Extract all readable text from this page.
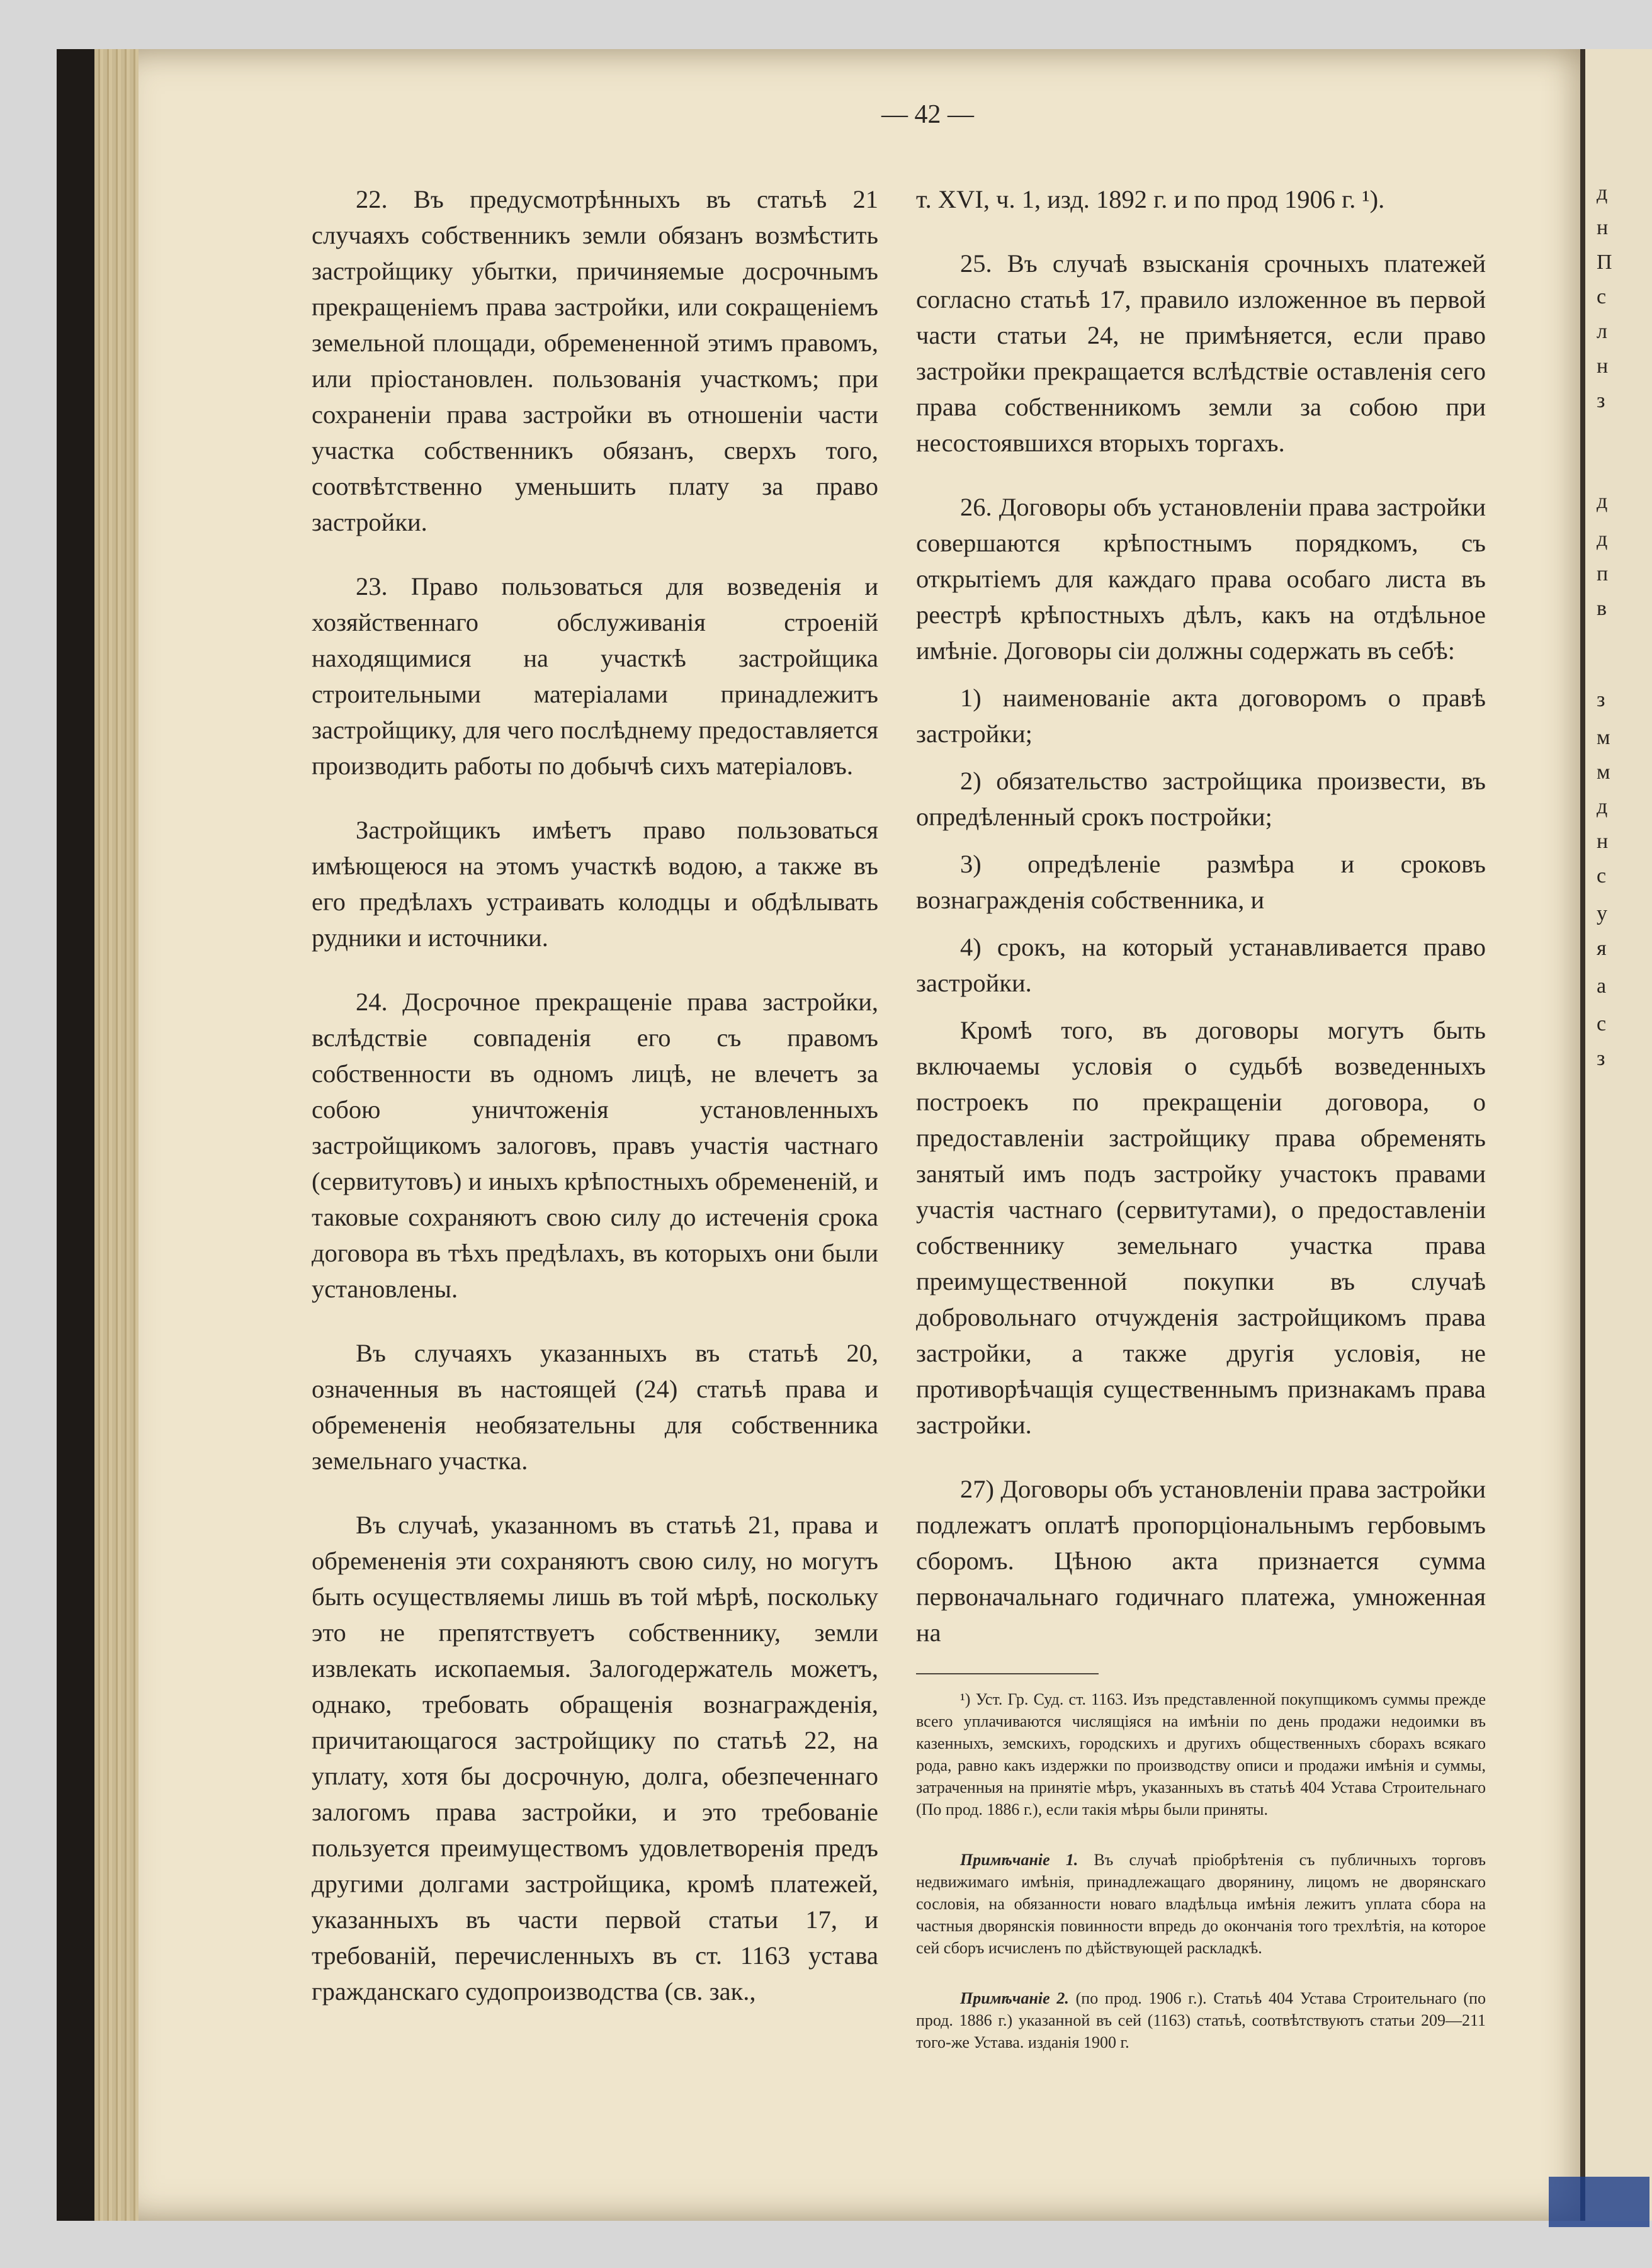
— 42 —

22. Въ предусмотрѣнныхъ въ статьѣ 21 случаяхъ собственникъ земли обязанъ возмѣстить застройщику убытки, причиняемые досрочнымъ прекращеніемъ права застройки, или сокращеніемъ земельной площади, обремененной этимъ правомъ, или пріостановлен. пользованія участкомъ; при сохраненіи права застройки въ отношеніи части участка собственникъ обязанъ, сверхъ того, соотвѣтственно уменьшить плату за право застройки.

23. Право пользоваться для возведенія и хозяйственнаго обслуживанія строеній находящимися на участкѣ застройщика строительными матеріалами принадлежитъ застройщику, для чего послѣднему предоставляется производить работы по добычѣ сихъ матеріаловъ.

Застройщикъ имѣетъ право пользоваться имѣющеюся на этомъ участкѣ водою, а также въ его предѣлахъ устраивать колодцы и обдѣлывать рудники и источники.

24. Досрочное прекращеніе права застройки, вслѣдствіе совпаденія его съ правомъ собственности въ одномъ лицѣ, не влечетъ за собою уничтоженія установленныхъ застройщикомъ залоговъ, правъ участія частнаго (сервитутовъ) и иныхъ крѣпостныхъ обремененій, и таковые сохраняютъ свою силу до истеченія срока договора въ тѣхъ предѣлахъ, въ которыхъ они были установлены.

Въ случаяхъ указанныхъ въ статьѣ 20, означенныя въ настоящей (24) статьѣ права и обремененія необязательны для собственника земельнаго участка.

Въ случаѣ, указанномъ въ статьѣ 21, права и обремененія эти сохраняютъ свою силу, но могутъ быть осуществляемы лишь въ той мѣрѣ, поскольку это не препятствуетъ собственнику, земли извлекать ископаемыя. Залогодержатель можетъ, однако, требовать обращенія вознагражденія, причитающагося застройщику по статьѣ 22, на уплату, хотя бы досрочную, долга, обезпеченнаго залогомъ права застройки, и это требованіе пользуется преимуществомъ удовлетворенія предъ другими долгами застройщика, кромѣ платежей, указанныхъ въ части первой статьи 17, и требованій, перечисленныхъ въ ст. 1163 устава гражданскаго судопроизводства (св. зак.,

т. XVI, ч. 1, изд. 1892 г. и по прод 1906 г. ¹).

25. Въ случаѣ взысканія срочныхъ платежей согласно статьѣ 17, правило изложенное въ первой части статьи 24, не примѣняется, если право застройки прекращается вслѣдствіе оставленія сего права собственникомъ земли за собою при несостоявшихся вторыхъ торгахъ.

26. Договоры объ установленіи права застройки совершаются крѣпостнымъ порядкомъ, съ открытіемъ для каждаго права особаго листа въ реестрѣ крѣпостныхъ дѣлъ, какъ на отдѣльное имѣніе. Договоры сіи должны содержать въ себѣ:

1) наименованіе акта договоромъ о правѣ застройки;

2) обязательство застройщика произвести, въ опредѣленный срокъ постройки;

3) опредѣленіе размѣра и сроковъ вознагражденія собственника, и

4) срокъ, на который устанавливается право застройки.

Кромѣ того, въ договоры могутъ быть включаемы условія о судьбѣ возведенныхъ построекъ по прекращеніи договора, о предоставленіи застройщику права обременять занятый имъ подъ застройку участокъ правами участія частнаго (сервитутами), о предоставленіи собственнику земельнаго участка права преимущественной покупки въ случаѣ добровольнаго отчужденія застройщикомъ права застройки, а также другія условія, не противорѣчащія существеннымъ признакамъ права застройки.

27) Договоры объ установленіи права застройки подлежатъ оплатѣ пропорціональнымъ гербовымъ сборомъ. Цѣною акта признается сумма первоначальнаго годичнаго платежа, умноженная на

¹) Уст. Гр. Суд. ст. 1163. Изъ представленной покупщикомъ суммы прежде всего уплачиваются числящіяся на имѣніи по день продажи недоимки въ казенныхъ, земскихъ, городскихъ и другихъ общественныхъ сборахъ всякаго рода, равно какъ издержки по производству описи и продажи имѣнія и суммы, затраченныя на принятіе мѣръ, указанныхъ въ статьѣ 404 Устава Строительнаго (По прод. 1886 г.), если такія мѣры были приняты.

Примѣчаніе 1. Въ случаѣ пріобрѣтенія съ публичныхъ торговъ недвижимаго имѣнія, принадлежащаго дворянину, лицомъ не дворянскаго сословія, на обязанности новаго владѣльца имѣнія лежитъ уплата сбора на частныя дворянскія повинности впредь до окончанія того трехлѣтія, на которое сей сборъ исчисленъ по дѣйствующей раскладкѣ.

Примѣчаніе 2. (по прод. 1906 г.). Статьѣ 404 Устава Строительнаго (по прод. 1886 г.) указанной въ сей (1163) статьѣ, соотвѣтствуютъ статьи 209—211 того-же Устава. изданія 1900 г.

д
н
П
с
л
н
з
д
д
п
в
з
м
м
д
н
с
у
я
а
с
з
